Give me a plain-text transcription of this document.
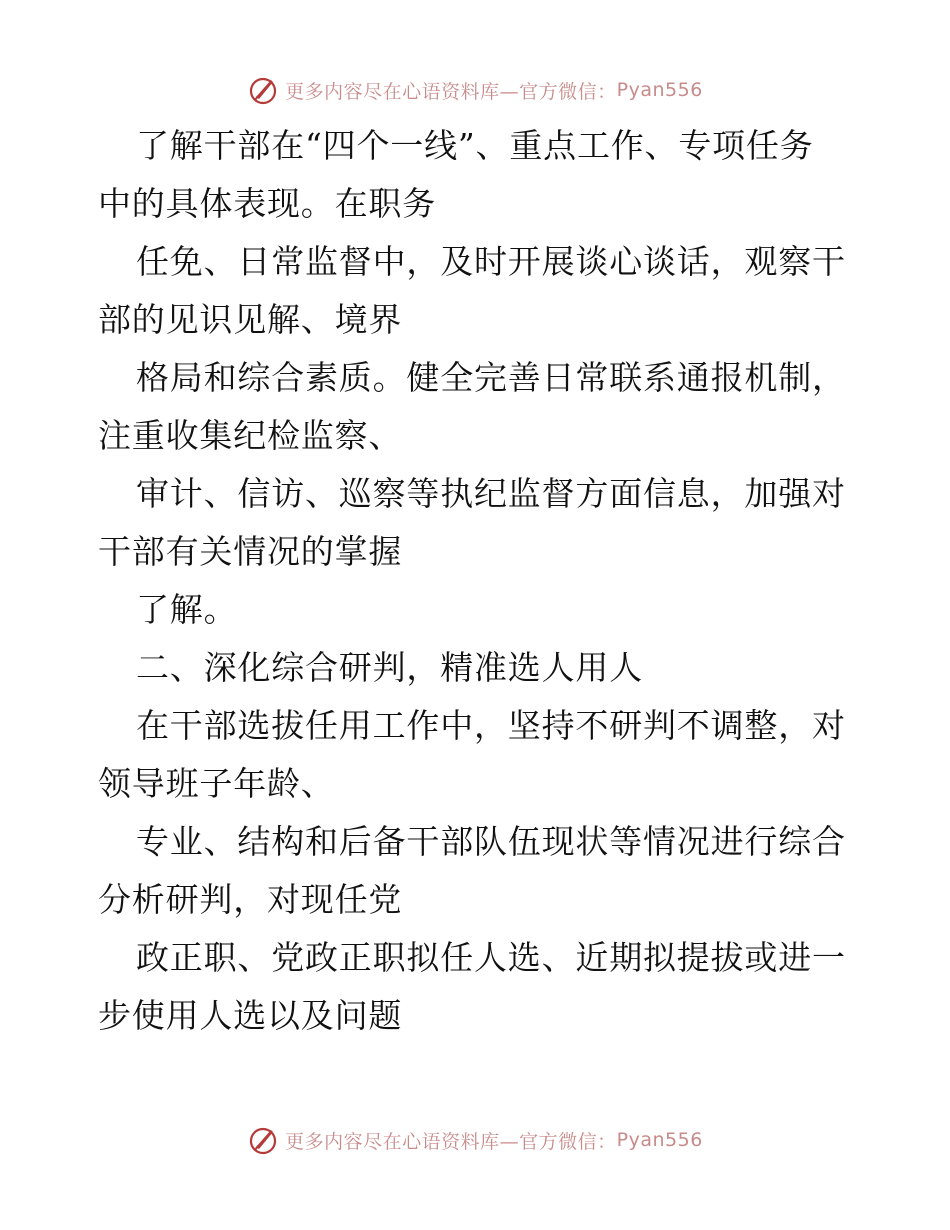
更多内容尽在心语资料库—官方微信： Pyan556
了解干部在“四个一线”、重点工作、专项任务
中的具体表现。在职务
任免、日常监督中，及时开展谈心谈话，观察干
部的见识见解、境界
格局和综合素质。健全完善日常联系通报机制，
注重收集纪检监察、
审计、信访、巡察等执纪监督方面信息，加强对
干部有关情况的掌握
了解。
二、深化综合研判，精准选人用人
在干部选拔任用工作中，坚持不研判不调整，对
领导班子年龄、
专业、结构和后备干部队伍现状等情况进行综合
分析研判，对现任党
政正职、党政正职拟任人选、近期拟提拔或进一
步使用人选以及问题
更多内容尽在心语资料库—官方微信： Pyan556
